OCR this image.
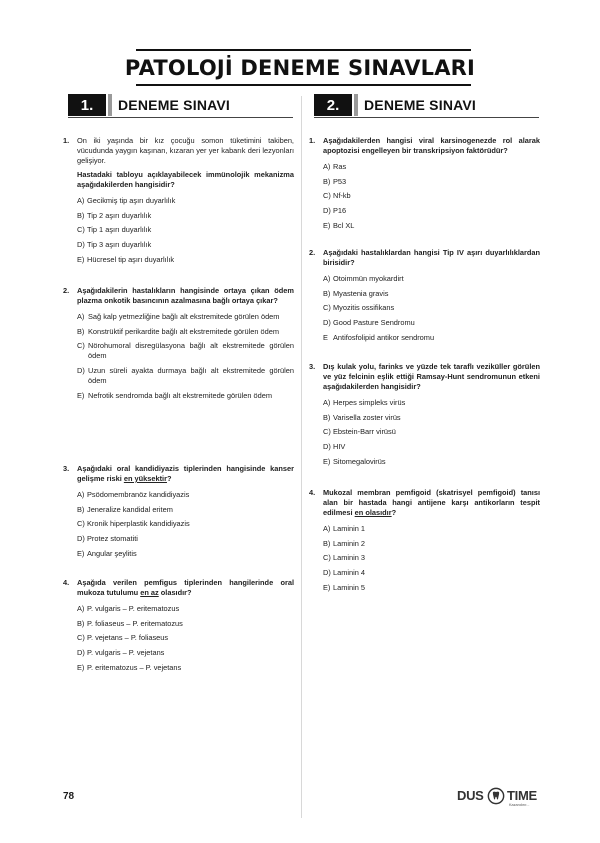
PATOLOJİ DENEME SINAVLARI
1.	DENEME SINAVI	2.	DENEME SINAVI
1. On iki yaşında bir kız çocuğu somon tüketimini takiben, vücudunda yaygın kaşınan, kızaran yer yer kabarık deri lezyonları gelişiyor.

Hastadaki tabloyu açıklayabilecek immünolojik mekanizma aşağıdakilerden hangisidir?

A) Gecikmiş tip aşırı duyarlılık
B) Tip 2 aşırı duyarlılık
C) Tip 1 aşırı duyarlılık
D) Tip 3 aşırı duyarlılık
E) Hücresel tip aşırı duyarlılık
2. Aşağıdakilerin hastalıkların hangisinde ortaya çıkan ödem plazma onkotik basıncının azalmasına bağlı ortaya çıkar?

A) Sağ kalp yetmezliğine bağlı alt ekstremitede görülen ödem
B) Konstrüktif perikardite bağlı alt ekstremitede görülen ödem
C) Nörohumoral disregülasyona bağlı alt ekstremitede görülen ödem
D) Uzun süreli ayakta durmaya bağlı alt ekstremitede görülen ödem
E) Nefrotik sendromda bağlı alt ekstremitede görülen ödem
3. Aşağıdaki oral kandidiyazis tiplerinden hangisinde kanser gelişme riski en yüksektir?

A) Psödomembranöz kandidiyazis
B) Jeneralize kandidal eritem
C) Kronik hiperplastik kandidiyazis
D) Protez stomatiti
E) Angular şeylitis
4. Aşağıda verilen pemfigus tiplerinden hangilerinde oral mukoza tutulumu en az olasıdır?

A) P. vulgaris – P. eritematozus
B) P. foliaseus – P. eritematozus
C) P. vejetans – P. foliaseus
D) P. vulgaris – P. vejetans
E) P. eritematozus – P. vejetans
1. Aşağıdakilerden hangisi viral karsinogenezde rol alarak apoptozisi engelleyen bir transkripsiyon faktörüdür?

A) Ras
B) P53
C) Nf-kb
D) P16
E) Bcl XL
2. Aşağıdaki hastalıklardan hangisi Tip IV aşırı duyarlılıklardan birisidir?

A) Otoimmün myokardirt
B) Myastenia gravis
C) Myozitis ossifikans
D) Good Pasture Sendromu
E Antifosfolipid antikor sendromu
3. Dış kulak yolu, farinks ve yüzde tek taraflı veziküller görülen ve yüz felcinin eşlik ettiği Ramsay-Hunt sendromunun etkeni aşağıdakilerden hangisidir?

A) Herpes simpleks virüs
B) Varisella zoster virüs
C) Ebstein-Barr virüsü
D) HIV
E) Sitomegalovirüs
4. Mukozal membran pemfigoid (skatrisyel pemfigoid) tanısı alan bir hastada hangi antijene karşı antikorların tespit edilmesi en olasıdır?

A) Laminin 1
B) Laminin 2
C) Laminin 3
D) Laminin 4
E) Laminin 5
78	DUS TIME
Kazandırır...
